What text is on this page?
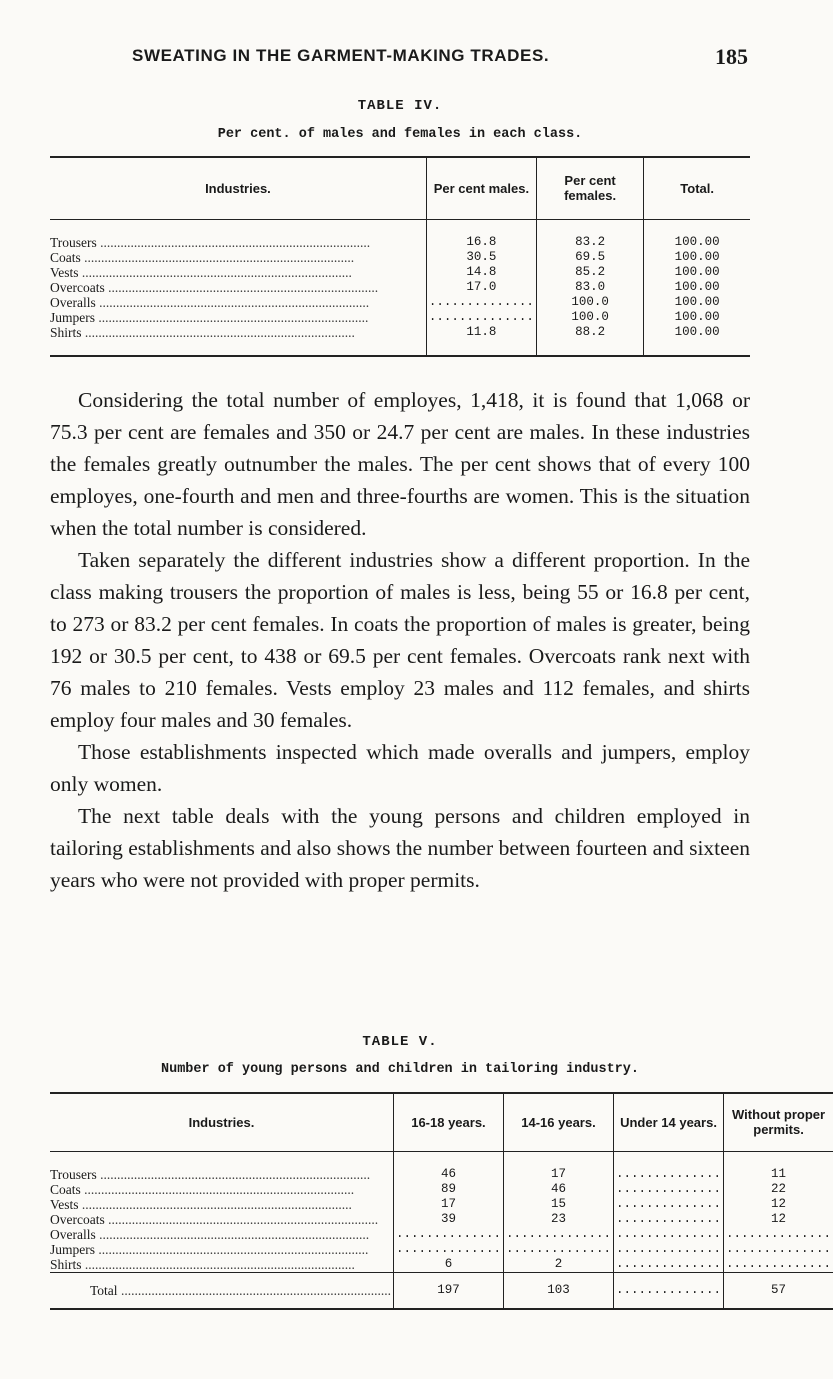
SWEATING IN THE GARMENT-MAKING TRADES.	185
TABLE IV.
Per cent. of males and females in each class.
Industries.	Per cent males.	Per cent females.	Total.

Trousers ................................................................................	16.8	83.2	100.00
Coats ................................................................................	30.5	69.5	100.00
Vests ................................................................................	14.8	85.2	100.00
Overcoats ................................................................................	17.0	83.0	100.00
Overalls ................................................................................	..............	100.0	100.00
Jumpers ................................................................................	..............	100.0	100.00
Shirts ................................................................................	11.8	88.2	100.00

Considering the total number of employes, 1,418, it is found that 1,068 or 75.3 per cent are females and 350 or 24.7 per cent are males. In these industries the females greatly outnumber the males. The per cent shows that of every 100 employes, one-fourth and men and three-fourths are women. This is the situation when the total number is considered.

Taken separately the different industries show a different proportion. In the class making trousers the proportion of males is less, being 55 or 16.8 per cent, to 273 or 83.2 per cent females. In coats the proportion of males is greater, being 192 or 30.5 per cent, to 438 or 69.5 per cent females. Overcoats rank next with 76 males to 210 females. Vests employ 23 males and 112 females, and shirts employ four males and 30 females.

Those establishments inspected which made overalls and jumpers, employ only women.

The next table deals with the young persons and children employed in tailoring establishments and also shows the number between fourteen and sixteen years who were not provided with proper permits.

TABLE V.
Number of young persons and children in tailoring industry.
Industries.	16-18 years.	14-16 years.	Under 14 years.	Without proper permits.

Trousers ................................................................................	46	17	..............	11
Coats ................................................................................	89	46	..............	22
Vests ................................................................................	17	15	..............	12
Overcoats ................................................................................	39	23	..............	12
Overalls ................................................................................	..............	..............	..............	..............
Jumpers ................................................................................	..............	..............	..............	..............
Shirts ................................................................................	6	2	..............	..............
Total ................................................................................	197	103	..............	57
